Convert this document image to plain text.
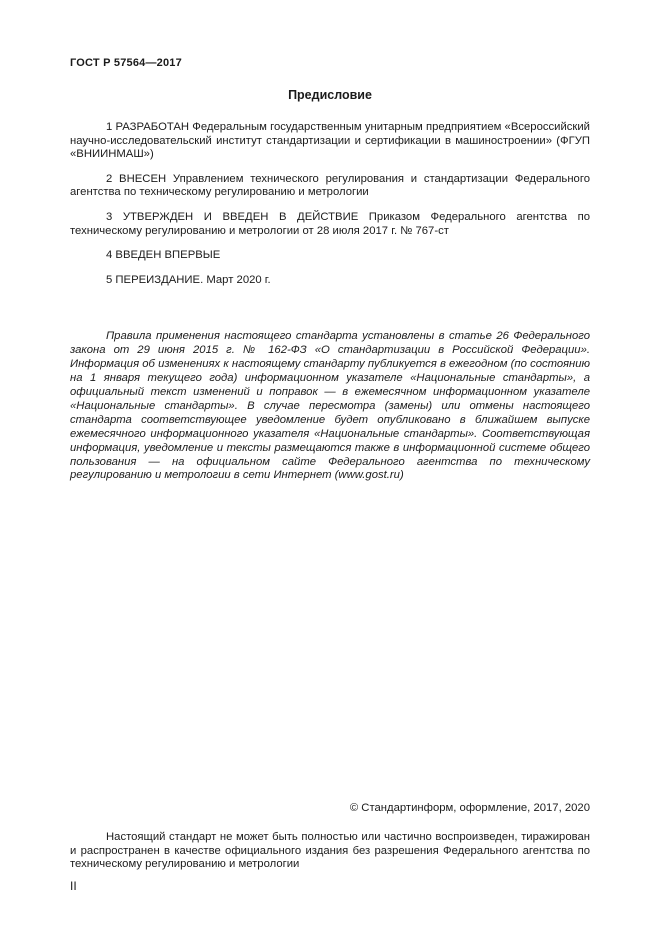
ГОСТ Р 57564—2017
Предисловие

1 РАЗРАБОТАН Федеральным государственным унитарным предприятием «Всероссийский научно-исследовательский институт стандартизации и сертификации в машиностроении» (ФГУП «ВНИИНМАШ»)

2 ВНЕСЕН Управлением технического регулирования и стандартизации Федерального агентства по техническому регулированию и метрологии

3 УТВЕРЖДЕН И ВВЕДЕН В ДЕЙСТВИЕ Приказом Федерального агентства по техническому регулированию и метрологии от 28 июля 2017 г. № 767-ст

4 ВВЕДЕН ВПЕРВЫЕ

5 ПЕРЕИЗДАНИЕ. Март 2020 г.

Правила применения настоящего стандарта установлены в статье 26 Федерального закона от 29 июня 2015 г. № 162-ФЗ «О стандартизации в Российской Федерации». Информация об изменениях к настоящему стандарту публикуется в ежегодном (по состоянию на 1 января текущего года) информационном указателе «Национальные стандарты», а официальный текст изменений и поправок — в ежемесячном информационном указателе «Национальные стандарты». В случае пересмотра (замены) или отмены настоящего стандарта соответствующее уведомление будет опубликовано в ближайшем выпуске ежемесячного информационного указателя «Национальные стандарты». Соответствующая информация, уведомление и тексты размещаются также в информационной системе общего пользования — на официальном сайте Федерального агентства по техническому регулированию и метрологии в сети Интернет (www.gost.ru)

© Стандартинформ, оформление, 2017, 2020

Настоящий стандарт не может быть полностью или частично воспроизведен, тиражирован и распространен в качестве официального издания без разрешения Федерального агентства по техническому регулированию и метрологии

II
